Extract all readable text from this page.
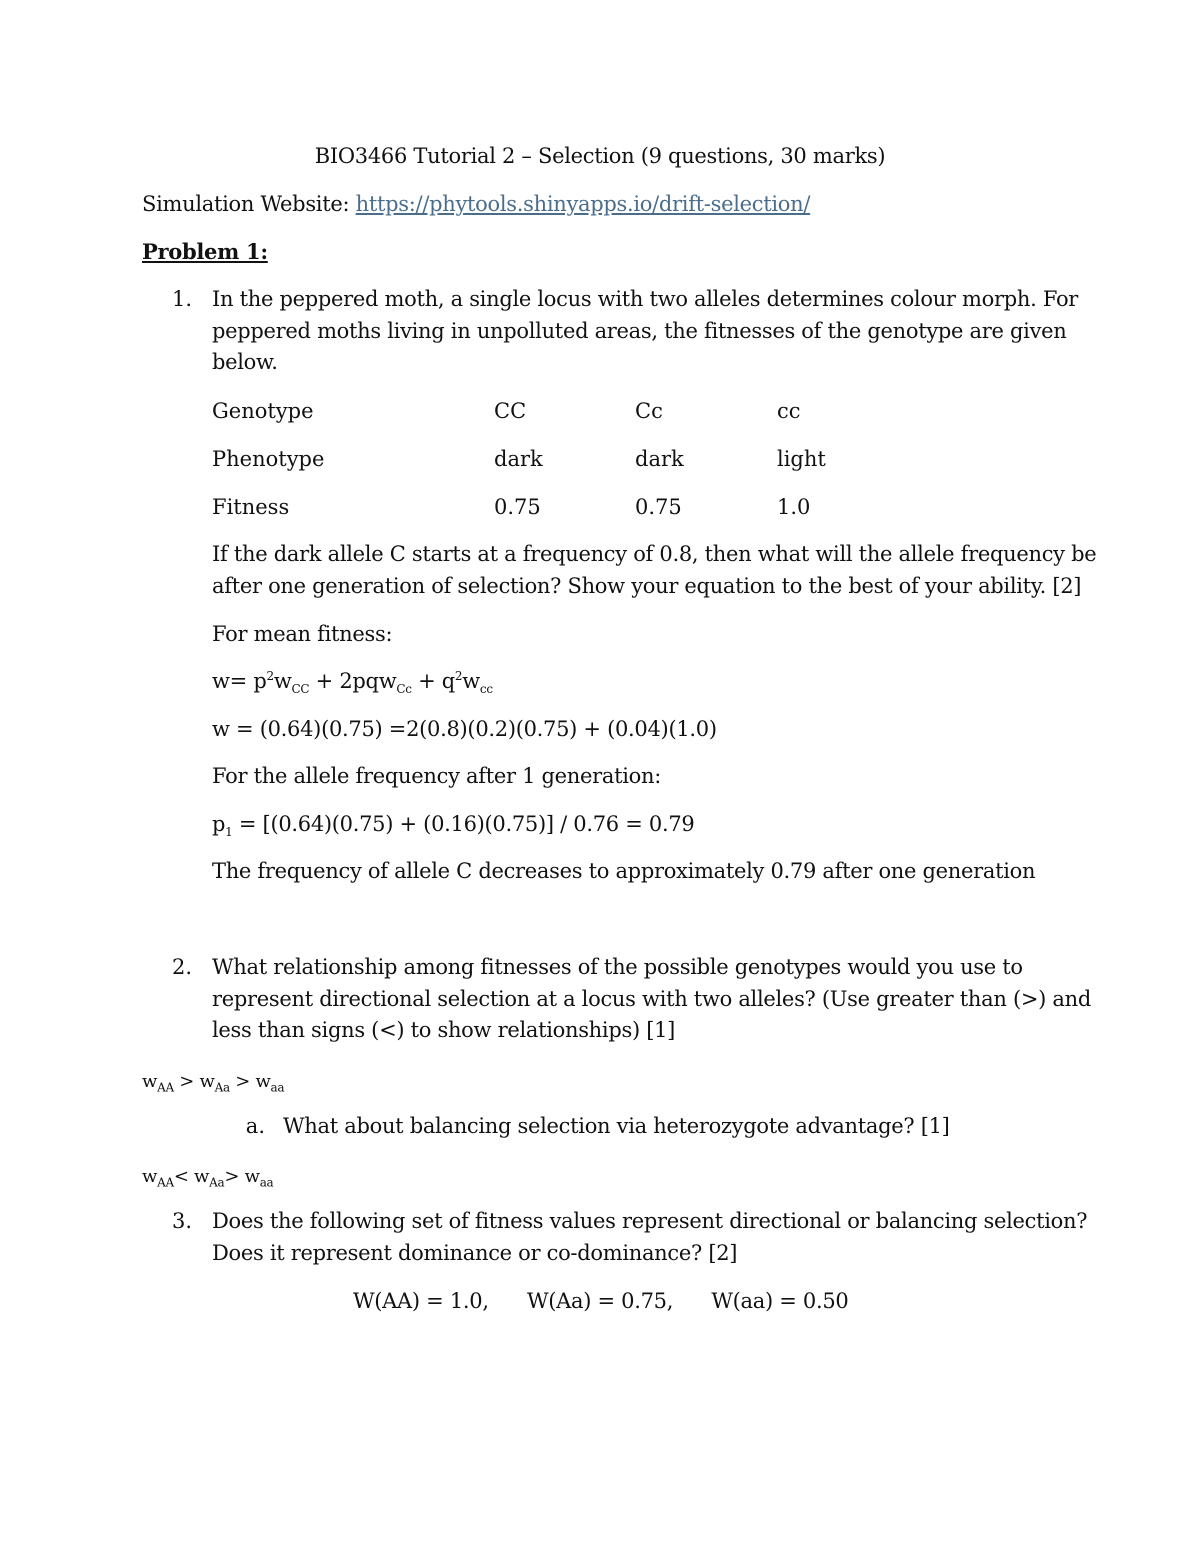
BIO3466 Tutorial 2 – Selection (9 questions, 30 marks)
Simulation Website: https://phytools.shinyapps.io/drift-selection/
Problem 1:
1. In the peppered moth, a single locus with two alleles determines colour morph. For
peppered moths living in unpolluted areas, the fitnesses of the genotype are given
below.
Genotype	CC	Cc	cc
Phenotype	dark	dark	light
Fitness	0.75	0.75	1.0
If the dark allele C starts at a frequency of 0.8, then what will the allele frequency be
after one generation of selection? Show your equation to the best of your ability. [2]
For mean fitness:
$w= p^2w_{CC} + 2pqw_{Cc} + q^2w_{cc}$
w = (0.64)(0.75) =2(0.8)(0.2)(0.75) + (0.04)(1.0)
For the allele frequency after 1 generation:
$p_1 = [(0.64)(0.75) + (0.16)(0.75)] / 0.76 = 0.79$
The frequency of allele C decreases to approximately 0.79 after one generation
2. What relationship among fitnesses of the possible genotypes would you use to
represent directional selection at a locus with two alleles? (Use greater than (>) and
less than signs (<) to show relationships) [1]
$w_{AA} > w_{Aa} > w_{aa}$
a. What about balancing selection via heterozygote advantage? [1]
$w_{AA}< w_{Aa}> w_{aa}$
3. Does the following set of fitness values represent directional or balancing selection?
Does it represent dominance or co-dominance? [2]
W(AA) = 1.0,      W(Aa) = 0.75,      W(aa) = 0.50
